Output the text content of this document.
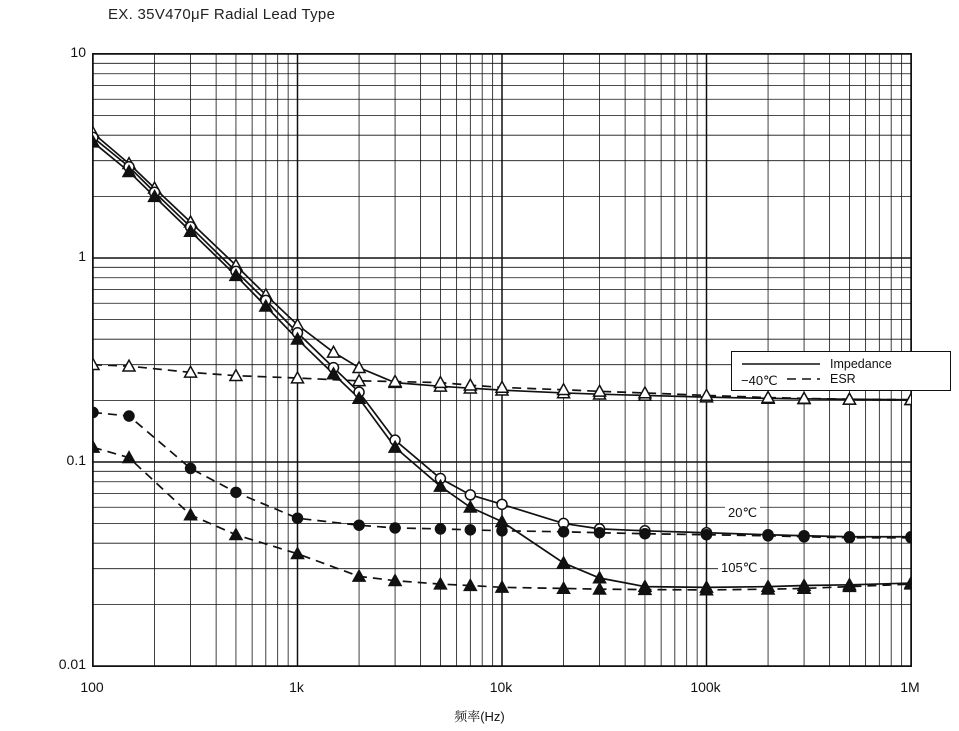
EX. 35V470μF Radial Lead Type
Impedance
ESR
−40℃
20℃
105℃
10
1
0.1
0.01
100	1k	10k	100k	1M
频率(Hz)
